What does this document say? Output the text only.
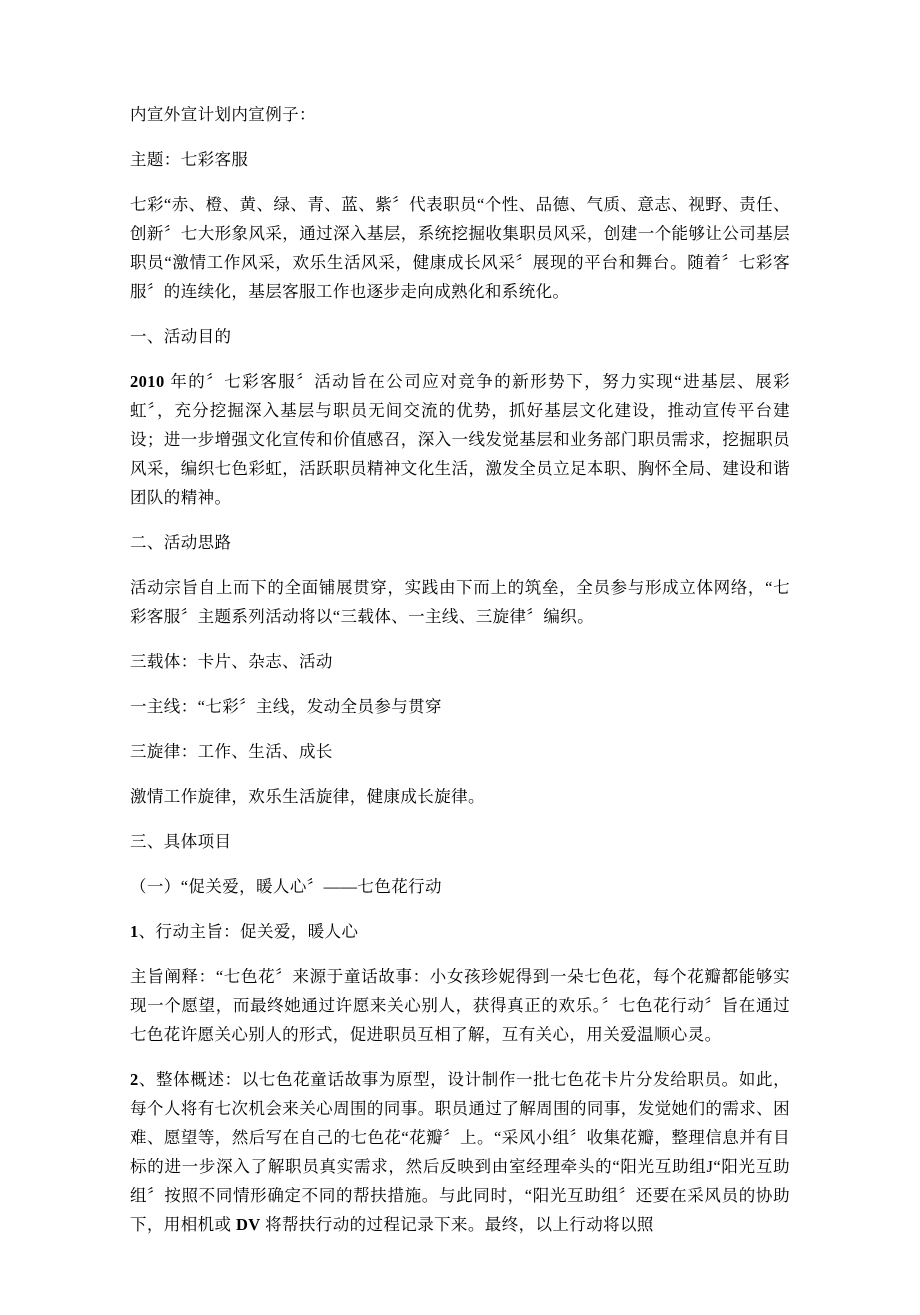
内宣外宣计划内宣例子：

主题：七彩客服

七彩“赤、橙、黄、绿、青、蓝、紫〞代表职员“个性、品德、气质、意志、视野、责任、创新〞七大形象风采，通过深入基层，系统挖掘收集职员风采，创建一个能够让公司基层职员“激情工作风采，欢乐生活风采，健康成长风采〞展现的平台和舞台。随着〞七彩客服〞的连续化，基层客服工作也逐步走向成熟化和系统化。

一、活动目的

2010 年的〞七彩客服〞活动旨在公司应对竞争的新形势下，努力实现“进基层、展彩虹〞，充分挖掘深入基层与职员无间交流的优势，抓好基层文化建设，推动宣传平台建设；进一步增强文化宣传和价值感召，深入一线发觉基层和业务部门职员需求，挖掘职员风采，编织七色彩虹，活跃职员精神文化生活，激发全员立足本职、胸怀全局、建设和谐团队的精神。

二、活动思路

活动宗旨自上而下的全面铺展贯穿，实践由下而上的筑垒，全员参与形成立体网络，“七彩客服〞主题系列活动将以“三载体、一主线、三旋律〞编织。

三载体：卡片、杂志、活动

一主线：“七彩〞主线，发动全员参与贯穿

三旋律：工作、生活、成长

激情工作旋律，欢乐生活旋律，健康成长旋律。

三、具体项目

（一）“促关爱，暖人心〞——七色花行动

1、行动主旨：促关爱，暖人心

主旨阐释：“七色花〞来源于童话故事：小女孩珍妮得到一朵七色花，每个花瓣都能够实现一个愿望，而最终她通过许愿来关心别人，获得真正的欢乐。〞七色花行动〞旨在通过七色花许愿关心别人的形式，促进职员互相了解，互有关心，用关爱温顺心灵。

2、整体概述：以七色花童话故事为原型，设计制作一批七色花卡片分发给职员。如此，每个人将有七次机会来关心周围的同事。职员通过了解周围的同事，发觉她们的需求、困难、愿望等，然后写在自己的七色花“花瓣〞上。“采风小组〞收集花瓣，整理信息并有目标的进一步深入了解职员真实需求，然后反映到由室经理牵头的“阳光互助组J“阳光互助组〞按照不同情形确定不同的帮扶措施。与此同时，“阳光互助组〞还要在采风员的协助下，用相机或 DV 将帮扶行动的过程记录下来。最终，以上行动将以照
